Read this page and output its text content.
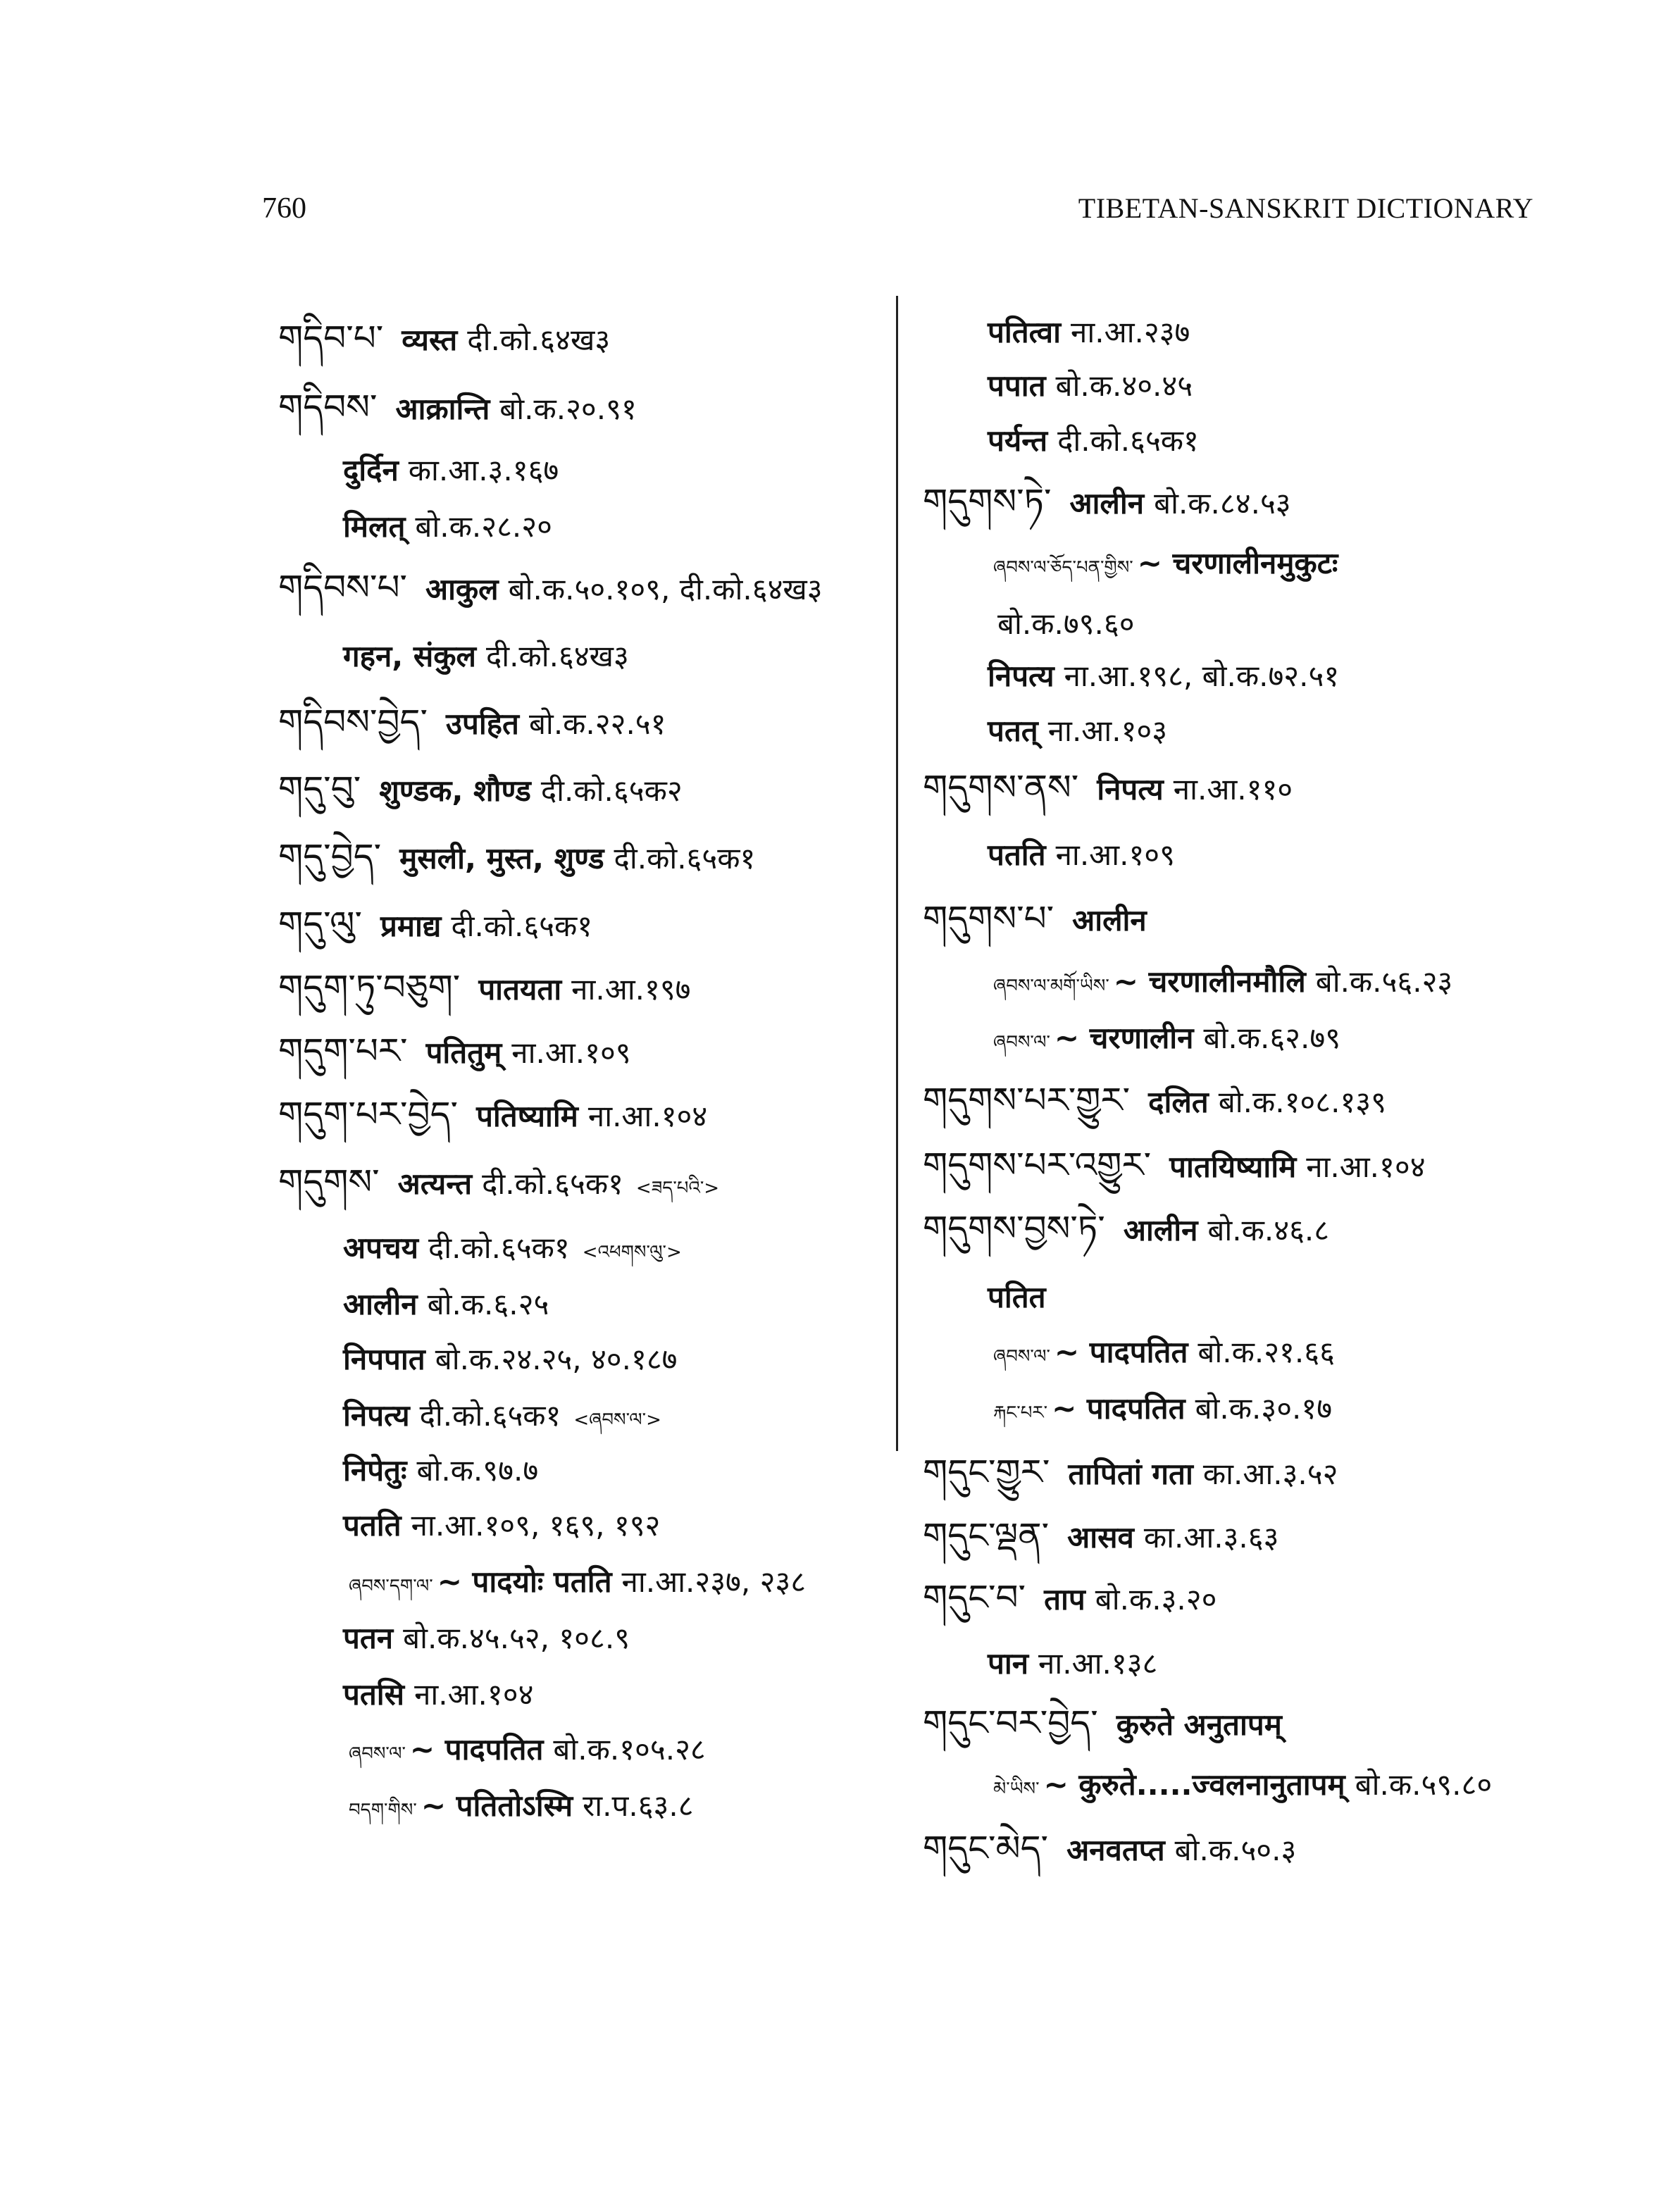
760	TIBETAN-SANSKRIT DICTIONARY
གདིབ་པ་ व्यस्त दी.को.६४ख३
གདིབས་ आक्रान्ति बो.क.२०.९१
दुर्दिन का.आ.३.१६७
मिलत् बो.क.२८.२०
གདིབས་པ་ आकुल बो.क.५०.१०९, दी.को.६४ख३
गहन, संकुल दी.को.६४ख३
གདིབས་བྱེད་ उपहित बो.क.२२.५१
གདུ་བུ་ शुण्डक, शौण्ड दी.को.६५क२
གདུ་བྱེད་ मुसली, मुस्त, शुण्ड दी.को.६५क१
གདུ་ལུ་ प्रमाद्य दी.को.६५क१
གདུག་ཏུ་བཅུག་ पातयता ना.आ.१९७
གདུག་པར་ पतितुम् ना.आ.१०९
གདུག་པར་བྱེད་ पतिष्यामि ना.आ.१०४
གདུགས་ अत्यन्त दी.को.६५क१ <ཟད་པའི་>
अपचय दी.को.६५क१ <འཕགས་ལུ་>
आलीन बो.क.६.२५
निपपात बो.क.२४.२५, ४०.१८७
निपत्य दी.को.६५क१ <ཞབས་ལ་>
निपेतुः बो.क.९७.७
पतति ना.आ.१०९, १६९, १९२
ཞབས་དག་ལ་ ~ पादयोः पतति ना.आ.२३७, २३८
पतन बो.क.४५.५२, १०८.९
पतसि ना.आ.१०४
ཞབས་ལ་ ~ पादपतित बो.क.१०५.२८
བདག་གིས་ ~ पतितोऽस्मि रा.प.६३.८
पतित्वा ना.आ.२३७
पपात बो.क.४०.४५
पर्यन्त दी.को.६५क१
གདུགས་ཏེ་ आलीन बो.क.८४.५३
ཞབས་ལ་ཅོད་པན་གྱིས་ ~ चरणालीनमुकुटः
बो.क.७९.६०
निपत्य ना.आ.१९८, बो.क.७२.५१
पतत् ना.आ.१०३
གདུགས་ནས་ निपत्य ना.आ.११०
पतति ना.आ.१०९
གདུགས་པ་ आलीन
ཞབས་ལ་མགོ་ཡིས་ ~ चरणालीनमौलि बो.क.५६.२३
ཞབས་ལ་ ~ चरणालीन बो.क.६२.७९
གདུགས་པར་གྱུར་ दलित बो.क.१०८.१३९
གདུགས་པར་འགྱུར་ पातयिष्यामि ना.आ.१०४
གདུགས་བྱས་ཏེ་ आलीन बो.क.४६.८
पतित
ཞབས་ལ་ ~ पादपतित बो.क.२१.६६
རྐང་པར་ ~ पादपतित बो.क.३०.१७
གདུང་གྱུར་ तापितां गता का.आ.३.५२
གདུང་ལྡན་ आसव का.आ.३.६३
གདུང་བ་ ताप बो.क.३.२०
पान ना.आ.१३८
གདུང་བར་བྱེད་ कुरुते अनुतापम्
མེ་ཡིས་ ~ कुरुते.....ज्वलनानुतापम् बो.क.५९.८०
གདུང་མེད་ अनवतप्त बो.क.५०.३
